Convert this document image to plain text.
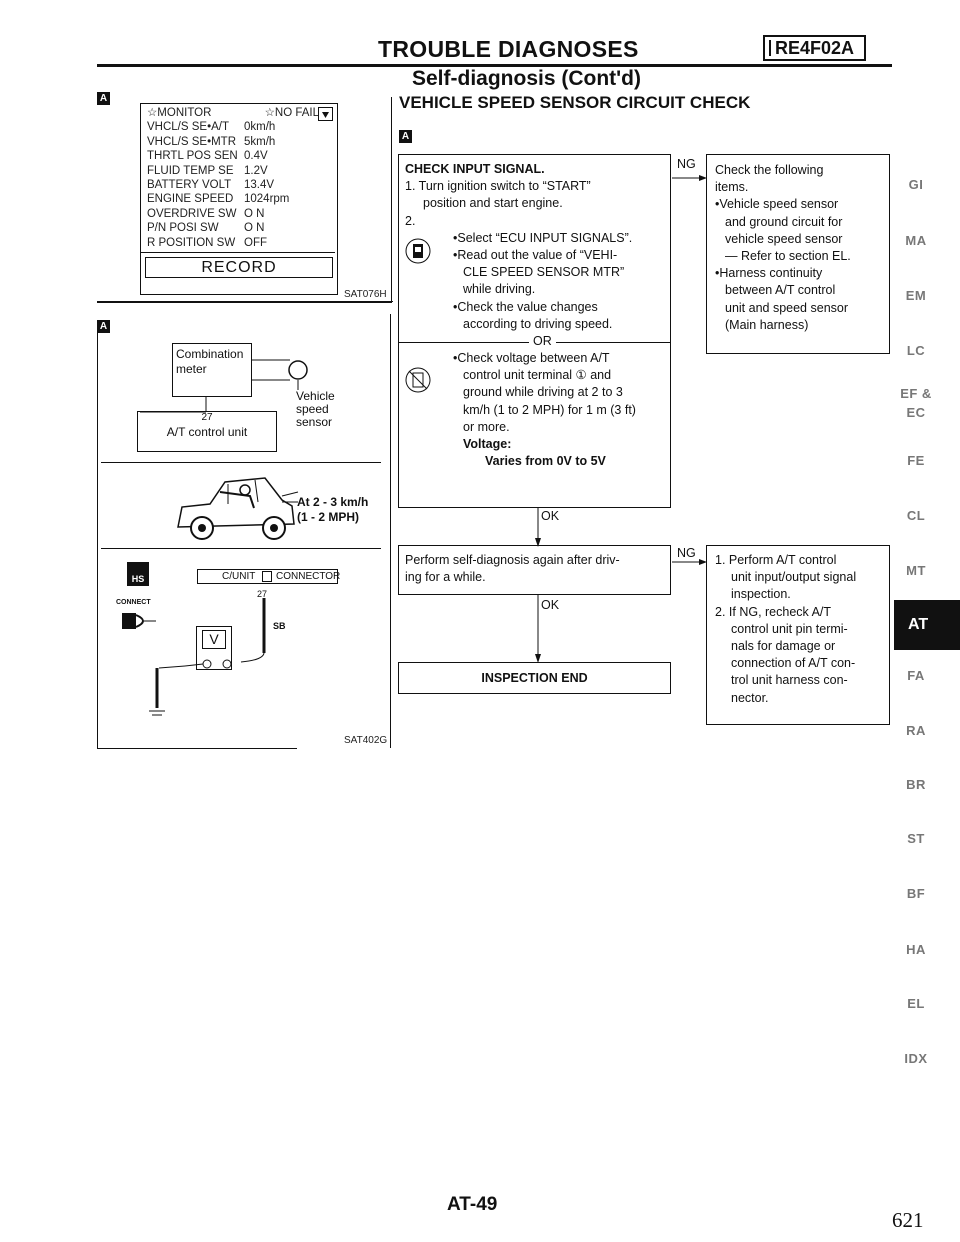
TROUBLE DIAGNOSES	RE4F02A
Self-diagnosis (Cont'd)
VEHICLE SPEED SENSOR CIRCUIT CHECK
A
☆MONITOR	☆NO FAIL
VHCL/S SE•A/T 0km/h
VHCL/S SE•MTR 5km/h
THRTL POS SEN 0.4V
FLUID TEMP SE 1.2V
BATTERY VOLT 13.4V
ENGINE SPEED 1024rpm
OVERDRIVE SW O N
P/N POSI SW O N
R POSITION SW OFF
RECORD
SAT076H
A
Combination meter
Vehicle
speed
sensor
27
A/T control unit
At 2 - 3 km/h
(1 - 2 MPH)
HS
CONNECT
C/UNIT CONNECTOR
27
SB
V
SAT402G
A
CHECK INPUT SIGNAL.
1. Turn ignition switch to “START”
position and start engine.
2.
• Select “ECU INPUT SIGNALS”.
• Read out the value of “VEHI-
CLE SPEED SENSOR MTR”
while driving.
• Check the value changes
according to driving speed.
OR
• Check voltage between A/T
control unit terminal ① and
ground while driving at 2 to 3
km/h (1 to 2 MPH) for 1 m (3 ft)
or more.
Voltage:
Varies from 0V to 5V
NG Check the following
items.
• Vehicle speed sensor
and ground circuit for
vehicle speed sensor
— Refer to section EL.
• Harness continuity
between A/T control
unit and speed sensor
(Main harness)
OK
Perform self-diagnosis again after driv-
ing for a while.
NG 1. Perform A/T control
unit input/output signal
inspection.
2. If NG, recheck A/T
control unit pin termi-
nals for damage or
connection of A/T con-
trol unit harness con-
nector.
OK
INSPECTION END
GI
MA
EM
LC
EF &
EC
FE
CL
MT
AT
FA
RA
BR
ST
BF
HA
EL
IDX
AT-49
621
